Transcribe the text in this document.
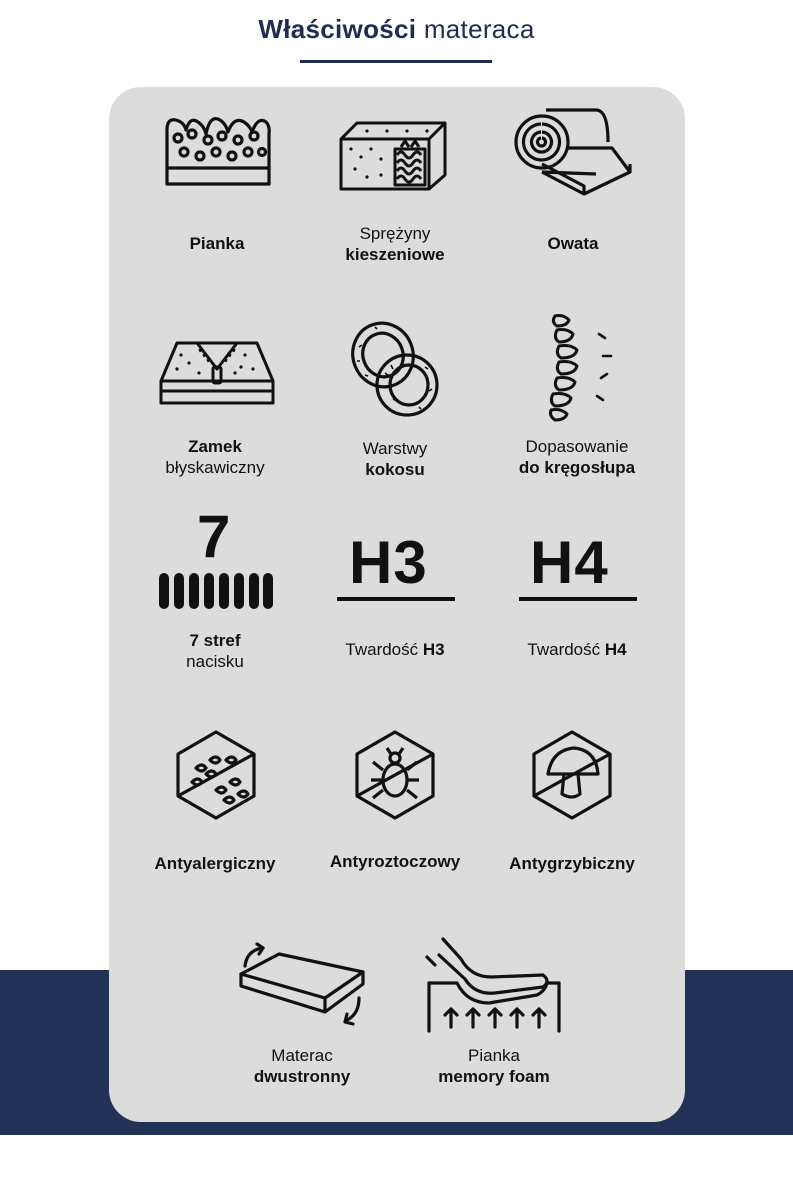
Właściwości materaca
Pianka
Sprężyny
kieszeniowe
Owata
Zamek
błyskawiczny
Warstwy
kokosu
Dopasowanie
do kręgosłupa
7
7 stref
nacisku
H3
Twardość H3
H4
Twardość H4
Antyalergiczny	Antyroztoczowy	Antygrzybiczny
Materac
dwustronny
Pianka
memory foam
